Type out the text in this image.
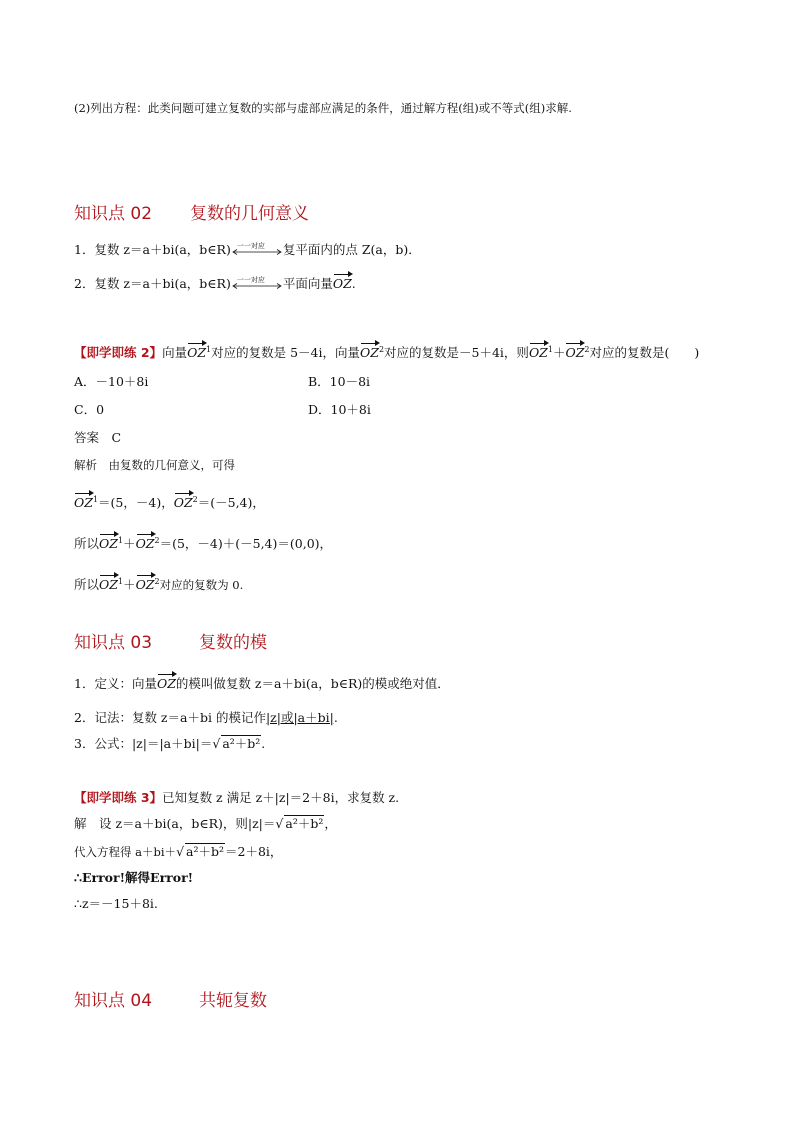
(2)列出方程：此类问题可建立复数的实部与虚部应满足的条件，通过解方程(组)或不等式(组)求解.
知识点 02 复数的几何意义
1．复数 z＝a＋bi(a，b∈R) 一一对应 复平面内的点 Z(a，b)．
2．复数 z＝a＋bi(a，b∈R) 一一对应 平面向量OZ.
【即学即练 2】向量$OZ^1$对应的复数是 5－4i，向量$OZ^2$对应的复数是－5＋4i，则$OZ^1+OZ^2$对应的复数是(　　)
A．－10＋8i	B．10－8i
C．0	D．10＋8i
答案　C
解析　由复数的几何意义，可得
$OZ^1=(5$，－4)，$OZ^2=(-5,4)$，
所以$OZ^1+OZ^2=(5$，－4)＋(－5,4)＝(0,0)，
所以$OZ^1+OZ^2$对应的复数为 0.
知识点 03	复数的模
1．定义：向量OZ的模叫做复数 z＝a＋bi(a，b∈R)的模或绝对值．
2．记法：复数 z＝a＋bi 的模记作|z|或|a＋bi|.
3．公式：|z|＝|a＋bi|＝√ a²＋b².
【即学即练 3】已知复数 z 满足 z＋|z|＝2＋8i，求复数 z.
解　设 z＝a＋bi(a，b∈R)，则|z|＝√ a²＋b²，
代入方程得 a＋bi＋√ a²＋b²＝2＋8i，
∴Error!解得Error!
∴z＝－15＋8i.
知识点 04	共轭复数
